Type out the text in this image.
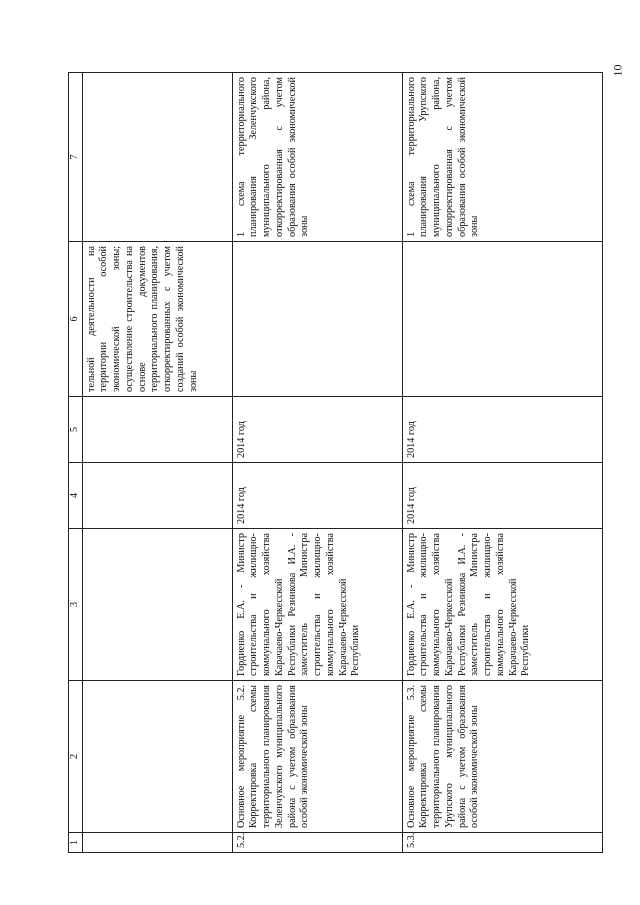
10
1	2	3	4	5	6	7
					тельной деятельности на территории особой экономической зоны; осуществление строительства на основе документов территориального планирования, откорректированных с учетом созданий особой экономической зоны	
5.2.	Основное мероприятие 5.2. Корректировка схемы территориального планирования Зеленчукского муниципального района с учетом образования особой экономической зоны	Гордиенко Е.А. - Министр строительства и жилищно-коммунального хозяйства Карачаево-Черкесской Республики Резникова И.А. - заместитель Министра строительства и жилищно-коммунального хозяйства Карачаево-Черкесской Республики	2014 год	2014 год		1 схема территориального планирования Зеленчукского муниципального района, откорректированная с учетом образования особой экономической зоны
5.3.	Основное мероприятие 5.3. Корректировка схемы территориального планирования Урупского муниципального района с учетом образования особой экономической зоны	Гордиенко Е.А. - Министр строительства и жилищно-коммунального хозяйства Карачаево-Черкесской Республики Резникова И.А. - заместитель Министра строительства и жилищно-коммунального хозяйства Карачаево-Черкесской Республики	2014 год	2014 год		1 схема территориального планирования Урупского муниципального района, откорректированная с учетом образования особой экономической зоны
